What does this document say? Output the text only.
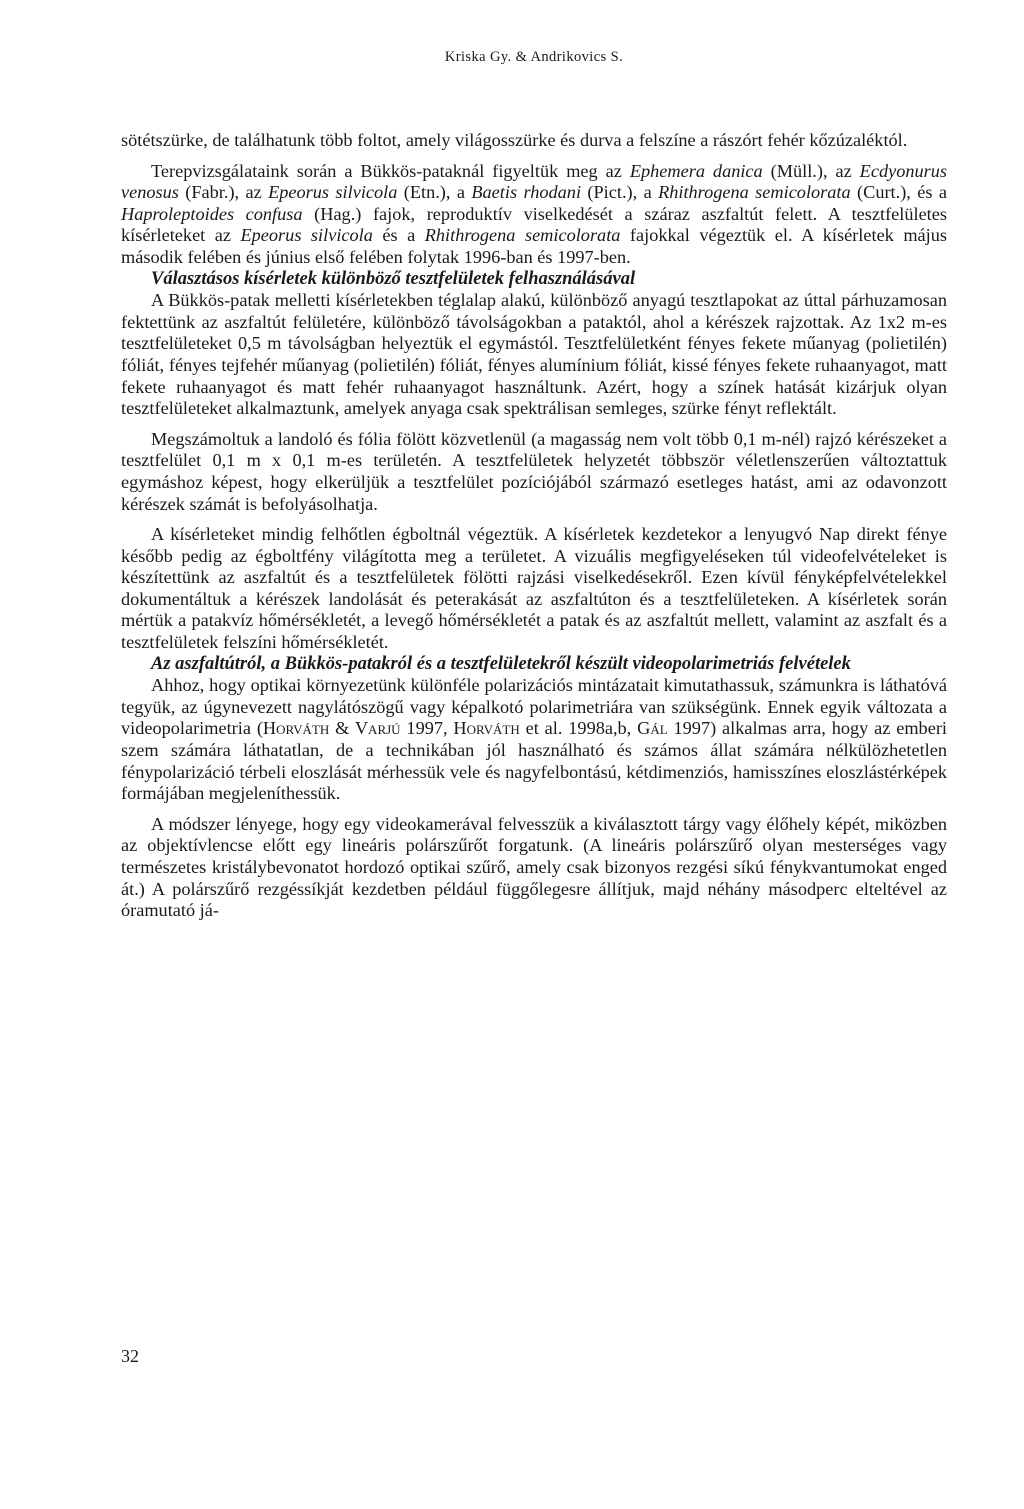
Kriska Gy. & Andrikovics S.

sötétszürke, de találhatunk több foltot, amely világosszürke és durva a felszíne a rászórt fehér kőzúzaléktól.

Terepvizsgálataink során a Bükkös-pataknál figyeltük meg az Ephemera danica (Müll.), az Ecdyonurus venosus (Fabr.), az Epeorus silvicola (Etn.), a Baetis rhodani (Pict.), a Rhithrogena semicolorata (Curt.), és a Haproleptoides confusa (Hag.) fajok, reproduktív viselkedését a száraz aszfaltút felett. A tesztfelületes kísérleteket az Epeorus silvicola és a Rhithrogena semicolorata fajokkal végeztük el. A kísérletek május második felében és június első felében folytak 1996-ban és 1997-ben.

Választásos kísérletek különböző tesztfelületek felhasználásával

A Bükkös-patak melletti kísérletekben téglalap alakú, különböző anyagú tesztlapokat az úttal párhuzamosan fektettünk az aszfaltút felületére, különböző távolságokban a pataktól, ahol a kérészek rajzottak. Az 1x2 m-es tesztfelületeket 0,5 m távolságban helyeztük el egymástól. Tesztfelületként fényes fekete műanyag (polietilén) fóliát, fényes tejfehér műanyag (polietilén) fóliát, fényes alumínium fóliát, kissé fényes fekete ruhaanyagot, matt fekete ruhaanyagot és matt fehér ruhaanyagot használtunk. Azért, hogy a színek hatását kizárjuk olyan tesztfelületeket alkalmaztunk, amelyek anyaga csak spektrálisan semleges, szürke fényt reflektált.

Megszámoltuk a landoló és fólia fölött közvetlenül (a magasság nem volt több 0,1 m-nél) rajzó kérészeket a tesztfelület 0,1 m x 0,1 m-es területén. A tesztfelületek helyzetét többször véletlenszerűen változtattuk egymáshoz képest, hogy elkerüljük a tesztfelület pozíciójából származó esetleges hatást, ami az odavonzott kérészek számát is befolyásolhatja.

A kísérleteket mindig felhőtlen égboltnál végeztük. A kísérletek kezdetekor a lenyugvó Nap direkt fénye később pedig az égboltfény világította meg a területet. A vizuális megfigyeléseken túl videofelvételeket is készítettünk az aszfaltút és a tesztfelületek fölötti rajzási viselkedésekről. Ezen kívül fényképfelvételekkel dokumentáltuk a kérészek landolását és peterakását az aszfaltúton és a tesztfelületeken. A kísérletek során mértük a patakvíz hőmérsékletét, a levegő hőmérsékletét a patak és az aszfaltút mellett, valamint az aszfalt és a tesztfelületek felszíni hőmérsékletét.

Az aszfaltútról, a Bükkös-patakról és a tesztfelületekről készült videopolarimetriás felvételek

Ahhoz, hogy optikai környezetünk különféle polarizációs mintázatait kimutathassuk, számunkra is láthatóvá tegyük, az úgynevezett nagylátószögű vagy képalkotó polarimetriára van szükségünk. Ennek egyik változata a videopolarimetria (Horváth & Varjú 1997, Horváth et al. 1998a,b, Gál 1997) alkalmas arra, hogy az emberi szem számára láthatatlan, de a technikában jól használható és számos állat számára nélkülözhetetlen fénypolarizáció térbeli eloszlását mérhessük vele és nagyfelbontású, kétdimenziós, hamisszínes eloszlástérképek formájában megjeleníthessük.

A módszer lényege, hogy egy videokamerával felvesszük a kiválasztott tárgy vagy élőhely képét, miközben az objektívlencse előtt egy lineáris polárszűrőt forgatunk. (A lineáris polárszűrő olyan mesterséges vagy természetes kristálybevonatot hordozó optikai szűrő, amely csak bizonyos rezgési síkú fénykvantumokat enged át.) A polárszűrő rezgéssíkját kezdetben például függőlegesre állítjuk, majd néhány másodperc elteltével az óramutató já-

32
